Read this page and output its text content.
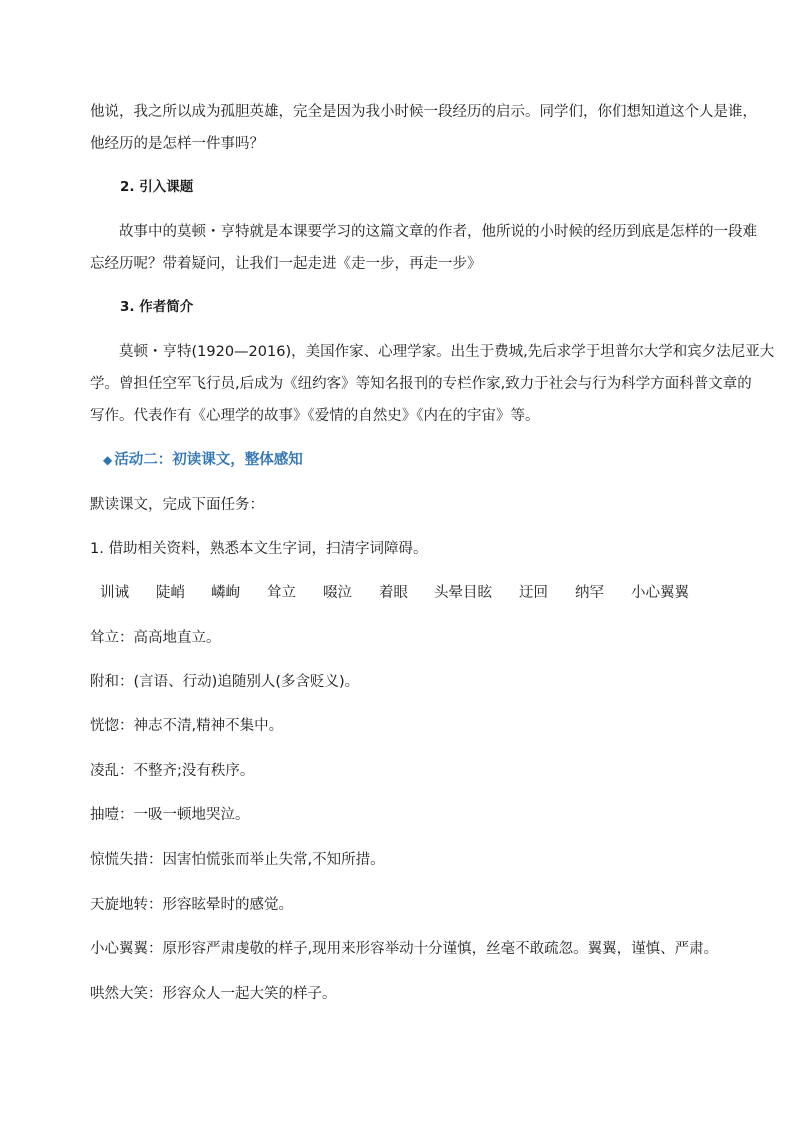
他说，我之所以成为孤胆英雄，完全是因为我小时候一段经历的启示。同学们，你们想知道这个人是谁，
他经历的是怎样一件事吗？
2. 引入课题
故事中的莫顿・亨特就是本课要学习的这篇文章的作者，他所说的小时候的经历到底是怎样的一段难
忘经历呢？带着疑问，让我们一起走进《走一步，再走一步》
3. 作者简介
莫顿・亨特(1920—2016)，美国作家、心理学家。出生于费城,先后求学于坦普尔大学和宾夕法尼亚大
学。曾担任空军飞行员,后成为《纽约客》等知名报刊的专栏作家,致力于社会与行为科学方面科普文章的
写作。代表作有《心理学的故事》《爱情的自然史》《内在的宇宙》等。
◆ 活动二：初读课文，整体感知
默读课文，完成下面任务：
1. 借助相关资料，熟悉本文生字词，扫清字词障碍。
训诫 陡峭 嶙峋 耸立 啜泣 着眼 头晕目眩 迂回 纳罕 小心翼翼
耸立：高高地直立。
附和：(言语、行动)追随别人(多含贬义)。
恍惚：神志不清,精神不集中。
凌乱：不整齐;没有秩序。
抽噎：一吸一顿地哭泣。
惊慌失措：因害怕慌张而举止失常,不知所措。
天旋地转：形容眩晕时的感觉。
小心翼翼：原形容严肃虔敬的样子,现用来形容举动十分谨慎，丝毫不敢疏忽。翼翼，谨慎、严肃。
哄然大笑：形容众人一起大笑的样子。
